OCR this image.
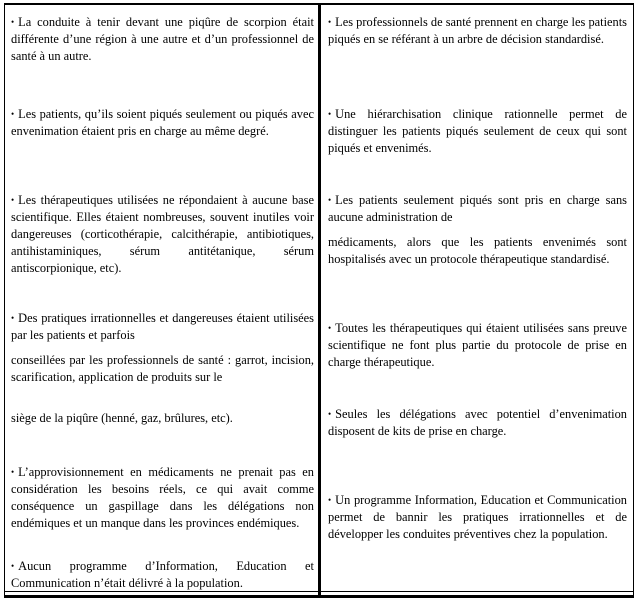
• La conduite à tenir devant une piqûre de scorpion était différente d’une région à une autre et d’un professionnel de santé à un autre.

• Les patients, qu’ils soient piqués seulement ou piqués avec envenimation étaient pris en charge au même degré.

• Les thérapeutiques utilisées ne répondaient à aucune base scientifique. Elles étaient nombreuses, souvent inutiles voir dangereuses (corticothérapie, calcithérapie, antibiotiques, antihistaminiques, sérum antitétanique, sérum antiscorpionique, etc).

• Des pratiques irrationnelles et dangereuses étaient utilisées par les patients et parfois

conseillées par les professionnels de santé : garrot, incision, scarification, application de produits sur le

siège de la piqûre (henné, gaz, brûlures, etc).

• L’approvisionnement en médicaments ne prenait pas en considération les besoins réels, ce qui avait comme conséquence un gaspillage dans les délégations non endémiques et un manque dans les provinces endémiques.

• Aucun programme d’Information, Education et Communication n’était délivré à la population.

• Les professionnels de santé prennent en charge les patients piqués en se référant à un arbre de décision standardisé.

• Une hiérarchisation clinique rationnelle permet de distinguer les patients piqués seulement de ceux qui sont piqués et envenimés.

• Les patients seulement piqués sont pris en charge sans aucune administration de

médicaments, alors que les patients envenimés sont hospitalisés avec un protocole thérapeutique standardisé.

• Toutes les thérapeutiques qui étaient utilisées sans preuve scientifique ne font plus partie du protocole de prise en charge thérapeutique.

• Seules les délégations avec potentiel d’envenimation disposent de kits de prise en charge.

• Un programme Information, Education et Communication permet de bannir les pratiques irrationnelles et de développer les conduites préventives chez la population.
